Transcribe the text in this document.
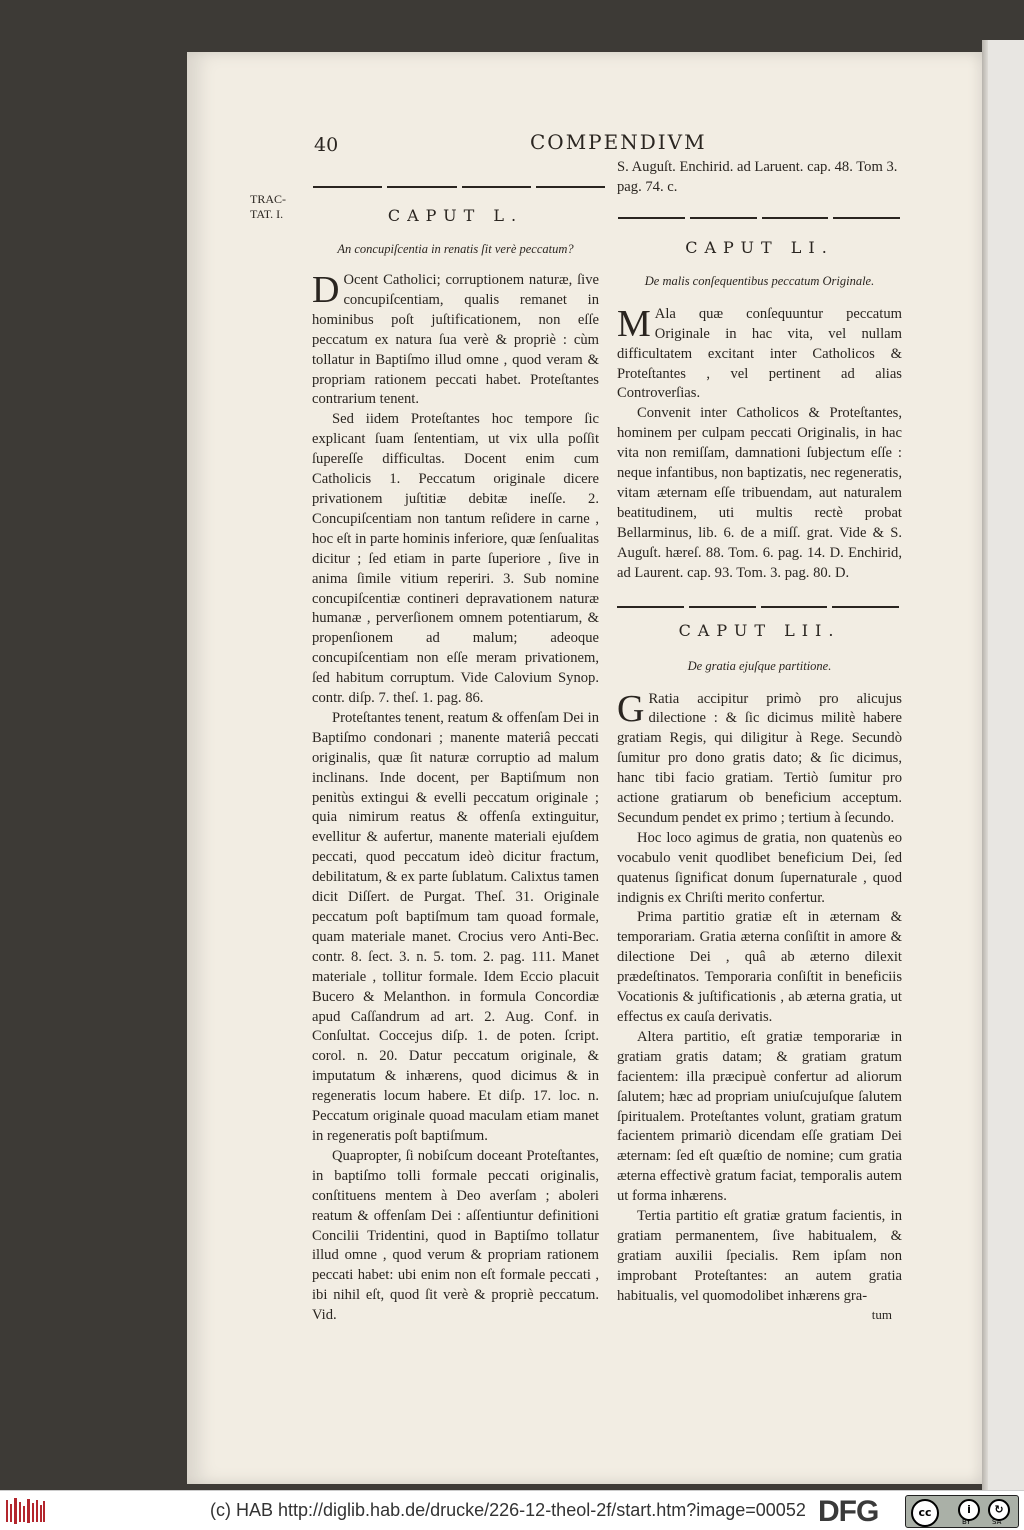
40	COMPENDIVM
TRAC- TAT. I.	CAPUT L.
An concupiſcentia in renatis ſit verè peccatum?

D Ocent Catholici; corruptionem naturæ, ſive concupiſcentiam, qualis remanet in hominibus poſt juſtificationem, non eſſe peccatum ex natura ſua verè & propriè : cùm tollatur in Baptiſmo illud omne , quod veram & propriam rationem peccati habet. Proteſtantes contrarium tenent.

Sed iidem Proteſtantes hoc tempore ſic explicant ſuam ſententiam, ut vix ulla poſſit ſupereſſe difficultas. Docent enim cum Catholicis 1. Peccatum originale dicere privationem juſtitiæ debitæ ineſſe. 2. Concupiſcentiam non tantum reſidere in carne , hoc eſt in parte hominis inferiore, quæ ſenſualitas dicitur ; ſed etiam in parte ſuperiore , ſive in anima ſimile vitium reperiri. 3. Sub nomine concupiſcentiæ contineri depravationem naturæ humanæ , perverſionem omnem potentiarum, & propenſionem ad malum; adeoque concupiſcentiam non eſſe meram privationem, ſed habitum corruptum. Vide Calovium Synop. contr. diſp. 7. theſ. 1. pag. 86.

Proteſtantes tenent, reatum & offenſam Dei in Baptiſmo condonari ; manente materiâ peccati originalis, quæ ſit naturæ corruptio ad malum inclinans. Inde docent, per Baptiſmum non penitùs extingui & evelli peccatum originale ; quia nimirum reatus & offenſa extinguitur, evellitur & aufertur, manente materiali ejuſdem peccati, quod peccatum ideò dicitur fractum, debilitatum, & ex parte ſublatum. Calixtus tamen dicit Diſſert. de Purgat. Theſ. 31. Originale peccatum poſt baptiſmum tam quoad formale, quam materiale manet. Crocius vero Anti-Bec. contr. 8. ſect. 3. n. 5. tom. 2. pag. 111. Manet materiale , tollitur formale. Idem Eccio placuit Bucero & Melanthon. in formula Concordiæ apud Caſſandrum ad art. 2. Aug. Conf. in Conſultat. Coccejus diſp. 1. de poten. ſcript. corol. n. 20. Datur peccatum originale, & imputatum & inhærens, quod dicimus & in regeneratis locum habere. Et diſp. 17. loc. n. Peccatum originale quoad maculam etiam manet in regeneratis poſt baptiſmum.

Quapropter, ſi nobiſcum doceant Proteſtantes, in baptiſmo tolli formale peccati originalis, conſtituens mentem à Deo averſam ; aboleri reatum & offenſam Dei : aſſentiuntur definitioni Concilii Tridentini, quod in Baptiſmo tollatur illud omne , quod verum & propriam rationem peccati habet: ubi enim non eſt formale peccati , ibi nihil eſt, quod ſit verè & propriè peccatum. Vid.

S. Auguſt. Enchirid. ad Laruent. cap. 48. Tom 3. pag. 74. c.
CAPUT LI.
De malis conſequentibus peccatum Originale.

M Ala quæ conſequuntur peccatum Originale in hac vita, vel nullam difficultatem excitant inter Catholicos & Proteſtantes , vel pertinent ad alias Controverſias.

Convenit inter Catholicos & Proteſtantes, hominem per culpam peccati Originalis, in hac vita non remiſſam, damnationi ſubjectum eſſe : neque infantibus, non baptizatis, nec regeneratis, vitam æternam eſſe tribuendam, aut naturalem beatitudinem, uti multis rectè probat Bellarminus, lib. 6. de a miſſ. grat. Vide & S. Auguſt. hæreſ. 88. Tom. 6. pag. 14. D. Enchirid, ad Laurent. cap. 93. Tom. 3. pag. 80. D.

CAPUT LII.
De gratia ejuſque partitione.

G Ratia accipitur primò pro alicujus dilectione : & ſic dicimus militè habere gratiam Regis, qui diligitur à Rege. Secundò ſumitur pro dono gratis dato; & ſic dicimus, hanc tibi facio gratiam. Tertiò ſumitur pro actione gratiarum ob beneficium acceptum. Secundum pendet ex primo ; tertium à ſecundo.

Hoc loco agimus de gratia, non quatenùs eo vocabulo venit quodlibet beneficium Dei, ſed quatenus ſignificat donum ſupernaturale , quod indignis ex Chriſti merito confertur.

Prima partitio gratiæ eſt in æternam & temporariam. Gratia æterna conſiſtit in amore & dilectione Dei , quâ ab æterno dilexit prædeſtinatos. Temporaria conſiſtit in beneficiis Vocationis & juſtificationis , ab æterna gratia, ut effectus ex cauſa derivatis.

Altera partitio, eſt gratiæ temporariæ in gratiam gratis datam; & gratiam gratum facientem: illa præcipuè confertur ad aliorum ſalutem; hæc ad propriam uniuſcujuſque ſalutem ſpiritualem. Proteſtantes volunt, gratiam gratum facientem primariò dicendam eſſe gratiam Dei æternam: ſed eſt quæſtio de nomine; cum gratia æterna effectivè gratum faciat, temporalis autem ut forma inhærens.

Tertia partitio eſt gratiæ gratum facientis, in gratiam permanentem, ſive habitualem, & gratiam auxilii ſpecialis. Rem ipſam non improbant Proteſtantes: an autem gratia habitualis, vel quomodolibet inhærens gra-

tum
(c) HAB http://diglib.hab.de/drucke/226-12-theol-2f/start.htm?image=00052 DFG	cc	i	↻
BY	SA
